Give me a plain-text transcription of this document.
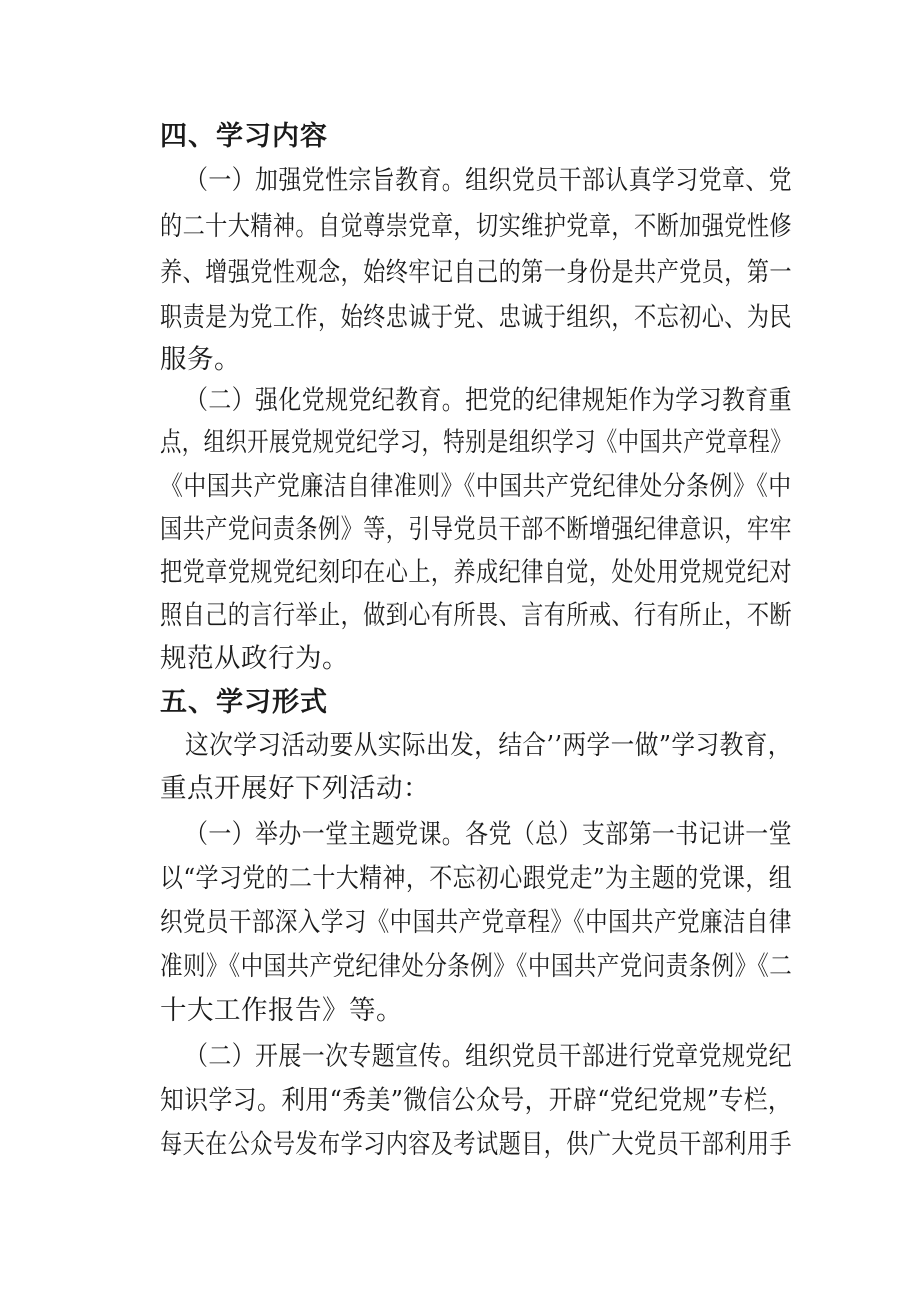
四、学习内容
（一）加强党性宗旨教育。组织党员干部认真学习党章、党
的二十大精神。自觉尊崇党章，切实维护党章，不断加强党性修
养、增强党性观念，始终牢记自己的第一身份是共产党员，第一
职责是为党工作，始终忠诚于党、忠诚于组织，不忘初心、为民
服务。
（二）强化党规党纪教育。把党的纪律规矩作为学习教育重
点，组织开展党规党纪学习，特别是组织学习《中国共产党章程》
《中国共产党廉洁自律准则》《中国共产党纪律处分条例》《中
国共产党问责条例》等，引导党员干部不断增强纪律意识，牢牢
把党章党规党纪刻印在心上，养成纪律自觉，处处用党规党纪对
照自己的言行举止，做到心有所畏、言有所戒、行有所止，不断
规范从政行为。
五、学习形式
这次学习活动要从实际出发，结合’’两学一做”学习教育，
重点开展好下列活动：
（一）举办一堂主题党课。各党（总）支部第一书记讲一堂
以“学习党的二十大精神，不忘初心跟党走”为主题的党课，组
织党员干部深入学习《中国共产党章程》《中国共产党廉洁自律
准则》《中国共产党纪律处分条例》《中国共产党问责条例》《二
十大工作报告》等。
（二）开展一次专题宣传。组织党员干部进行党章党规党纪
知识学习。利用“秀美”微信公众号，开辟“党纪党规”专栏，
每天在公众号发布学习内容及考试题目，供广大党员干部利用手
